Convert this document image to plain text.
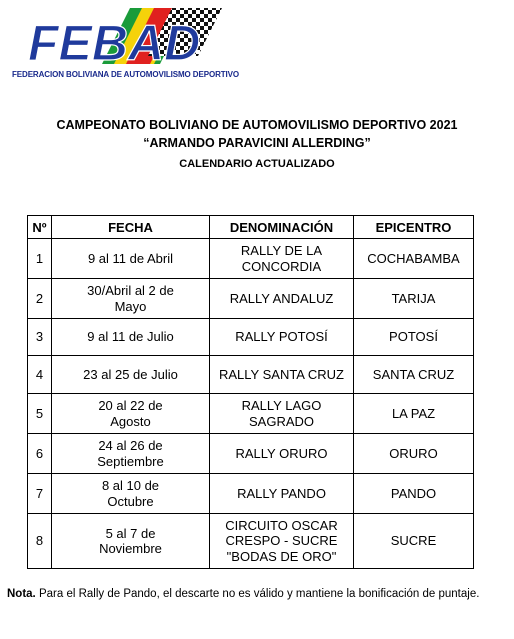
FEBAD
FEDERACION BOLIVIANA DE AUTOMOVILISMO DEPORTIVO
CAMPEONATO BOLIVIANO DE AUTOMOVILISMO DEPORTIVO 2021
“ARMANDO PARAVICINI ALLERDING”
CALENDARIO ACTUALIZADO
Nº	FECHA	DENOMINACIÓN	EPICENTRO
1	9 al 11 de Abril	RALLY DE LA CONCORDIA	COCHABAMBA
2	30/Abril al 2 de Mayo	RALLY ANDALUZ	TARIJA
3	9 al 11 de Julio	RALLY POTOSÍ	POTOSÍ
4	23 al 25 de Julio	RALLY SANTA CRUZ	SANTA CRUZ
5	20 al 22 de Agosto	RALLY LAGO SAGRADO	LA PAZ
6	24 al 26 de Septiembre	RALLY ORURO	ORURO
7	8 al 10 de Octubre	RALLY PANDO	PANDO
8	5 al 7 de Noviembre	CIRCUITO OSCAR CRESPO - SUCRE "BODAS DE ORO"	SUCRE
Nota. Para el Rally de Pando, el descarte no es válido y mantiene la bonificación de puntaje.
